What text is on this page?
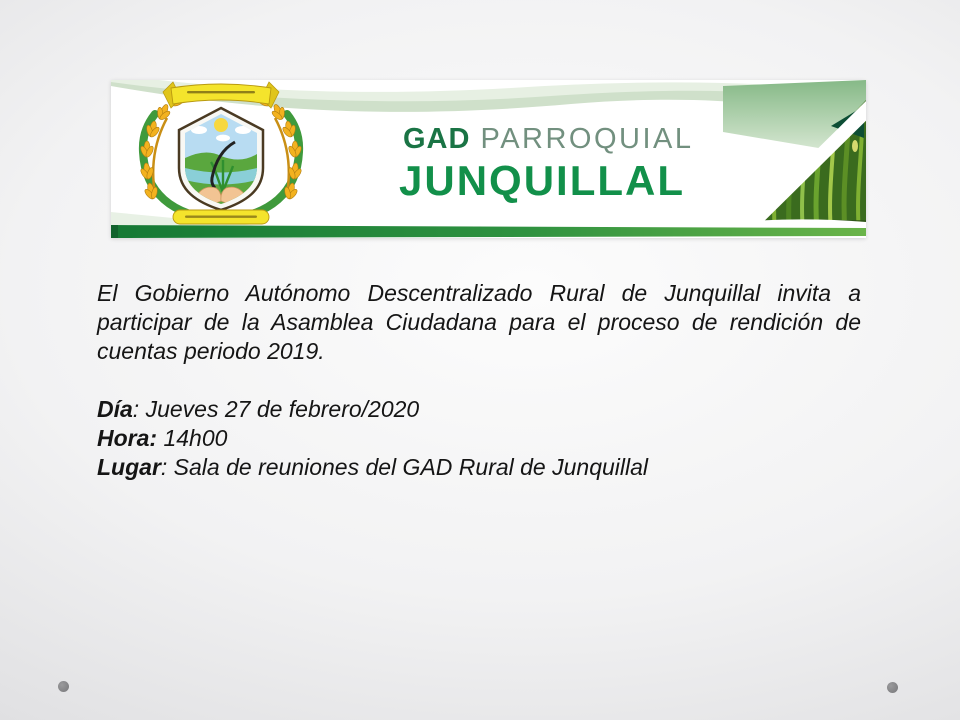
GAD PARROQUIAL
JUNQUILLAL
El Gobierno Autónomo Descentralizado Rural de Junquillal invita a participar de la Asamblea Ciudadana para el proceso de rendición de cuentas periodo 2019.
Día: Jueves 27 de febrero/2020
Hora: 14h00
Lugar: Sala de reuniones del GAD Rural de Junquillal
